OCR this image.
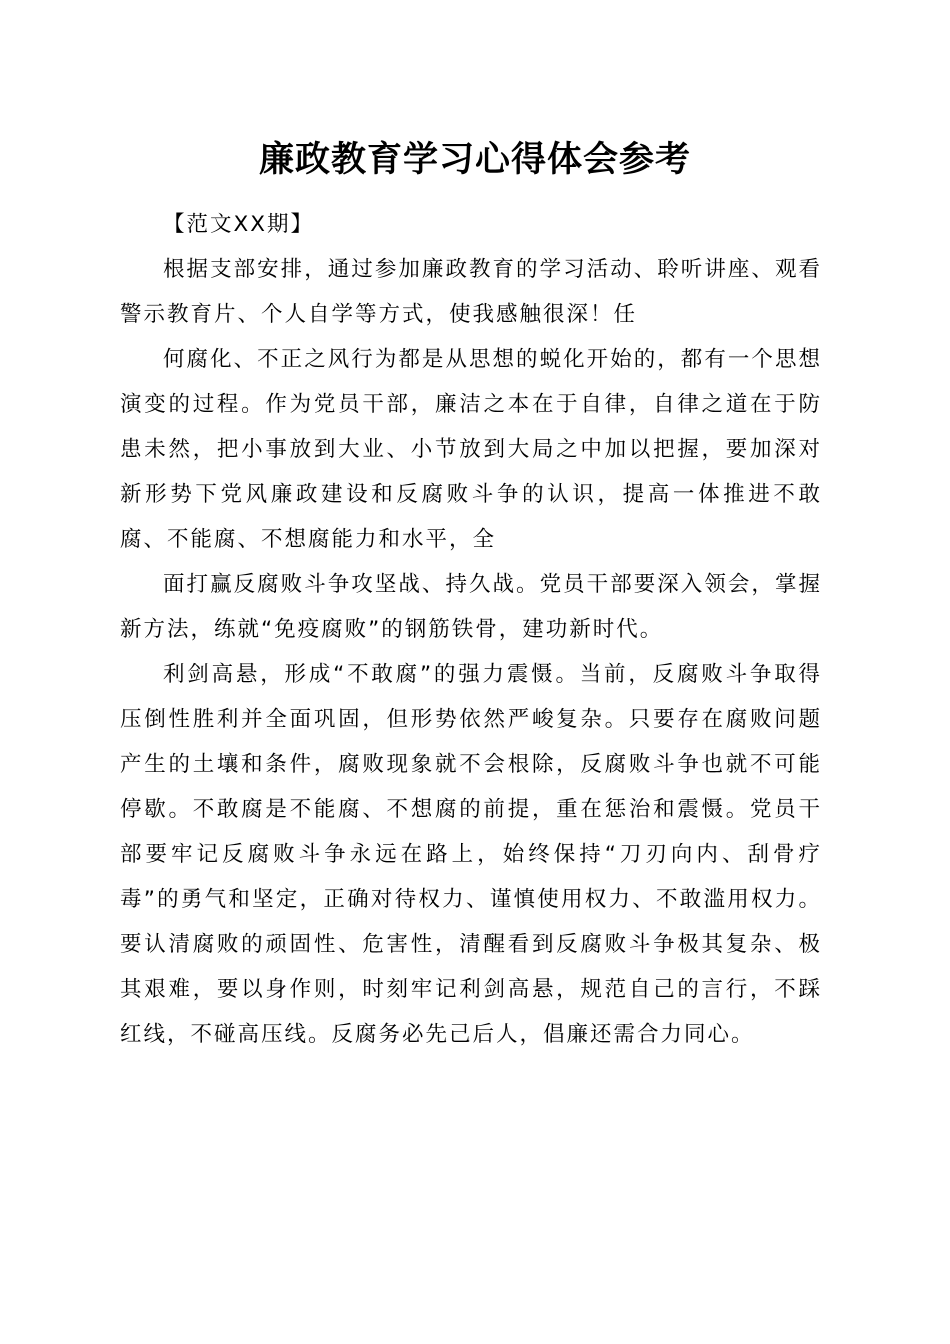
廉政教育学习心得体会参考

【范文XX期】

根据支部安排，通过参加廉政教育的学习活动、聆听讲座、观看警示教育片、个人自学等方式，使我感触很深！任

何腐化、不正之风行为都是从思想的蜕化开始的，都有一个思想演变的过程。作为党员干部，廉洁之本在于自律，自律之道在于防患未然，把小事放到大业、小节放到大局之中加以把握，要加深对新形势下党风廉政建设和反腐败斗争的认识，提高一体推进不敢腐、不能腐、不想腐能力和水平，全

面打赢反腐败斗争攻坚战、持久战。党员干部要深入领会，掌握新方法，练就“免疫腐败”的钢筋铁骨，建功新时代。

利剑高悬，形成“不敢腐”的强力震慑。当前，反腐败斗争取得压倒性胜利并全面巩固，但形势依然严峻复杂。只要存在腐败问题产生的土壤和条件，腐败现象就不会根除，反腐败斗争也就不可能停歇。不敢腐是不能腐、不想腐的前提，重在惩治和震慑。党员干部要牢记反腐败斗争永远在路上，始终保持“刀刃向内、刮骨疗毒”的勇气和坚定，正确对待权力、谨慎使用权力、不敢滥用权力。要认清腐败的顽固性、危害性，清醒看到反腐败斗争极其复杂、极其艰难，要以身作则，时刻牢记利剑高悬，规范自己的言行，不踩红线，不碰高压线。反腐务必先己后人，倡廉还需合力同心。
